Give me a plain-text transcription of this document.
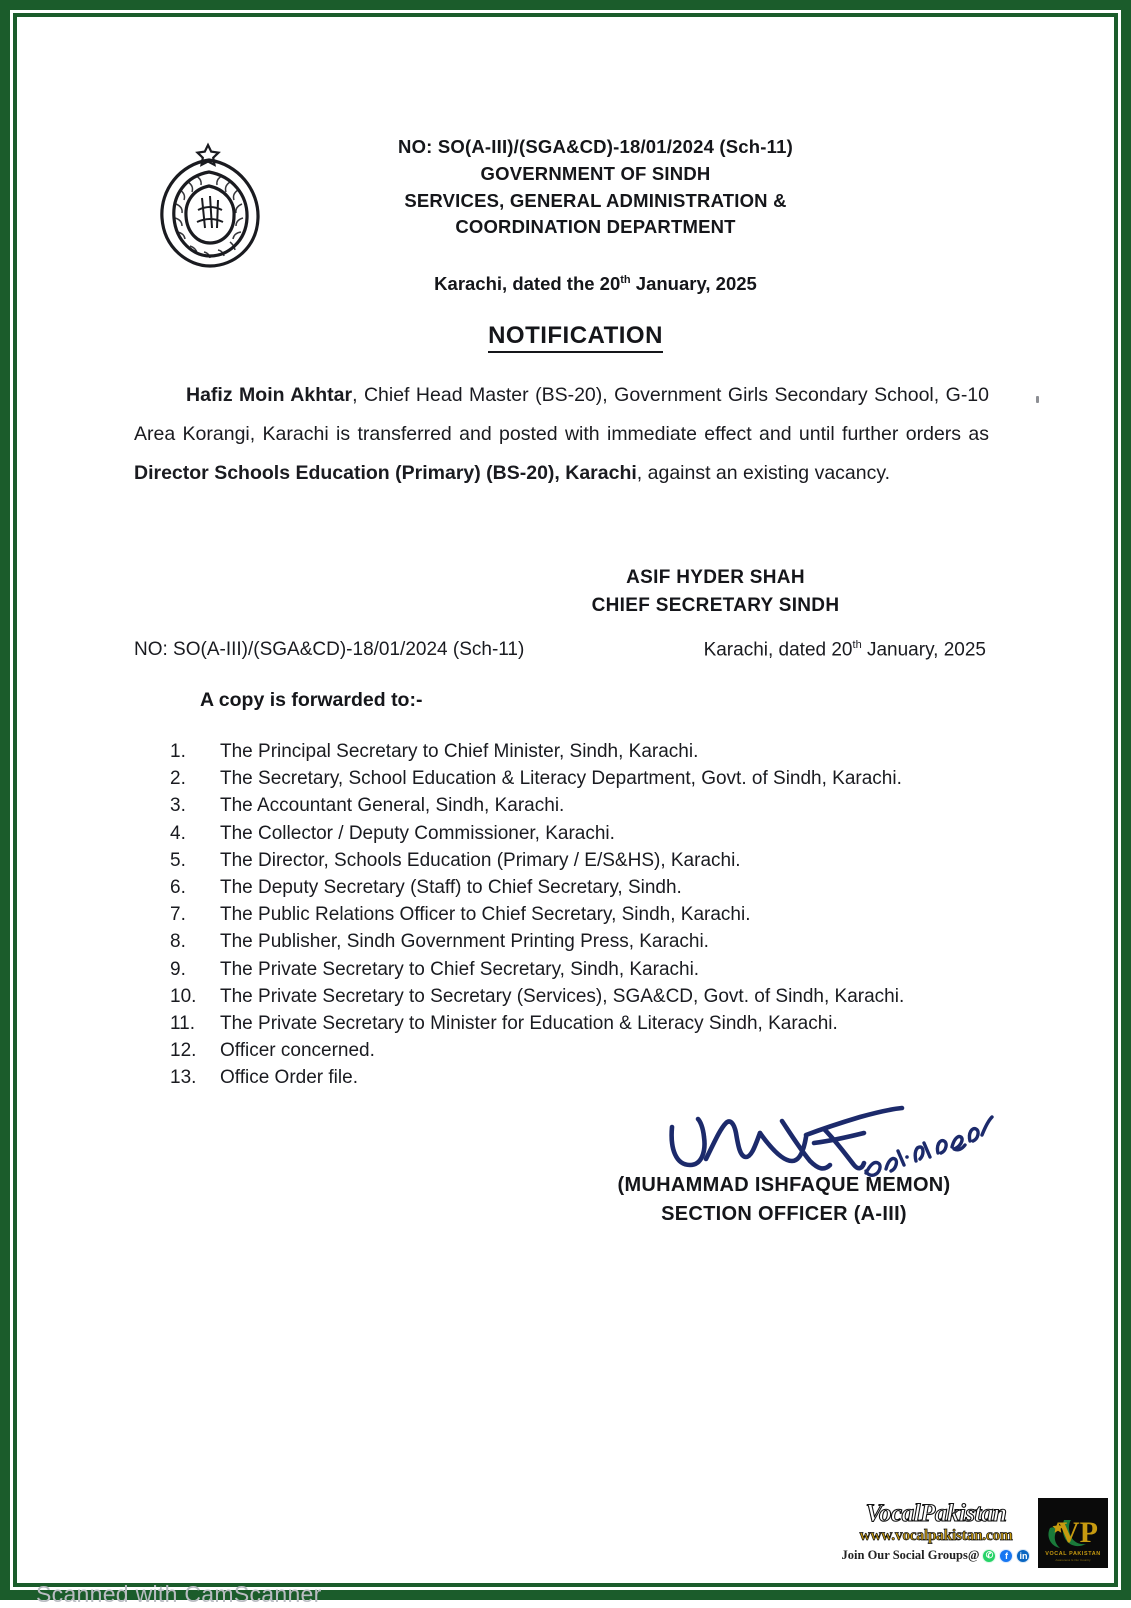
NO: SO(A-III)/(SGA&CD)-18/01/2024 (Sch-11)
GOVERNMENT OF SINDH
SERVICES, GENERAL ADMINISTRATION &
COORDINATION DEPARTMENT
Karachi, dated the 20th January, 2025
NOTIFICATION
Hafiz Moin Akhtar, Chief Head Master (BS-20), Government Girls Secondary School, G-10 Area Korangi, Karachi is transferred and posted with immediate effect and until further orders as Director Schools Education (Primary) (BS-20), Karachi, against an existing vacancy.
ASIF HYDER SHAH
CHIEF SECRETARY SINDH
NO: SO(A-III)/(SGA&CD)-18/01/2024 (Sch-11)	Karachi, dated 20th January, 2025
A copy is forwarded to:-
1.	The Principal Secretary to Chief Minister, Sindh, Karachi.
2.	The Secretary, School Education & Literacy Department, Govt. of Sindh, Karachi.
3.	The Accountant General, Sindh, Karachi.
4.	The Collector / Deputy Commissioner, Karachi.
5.	The Director, Schools Education (Primary / E/S&HS), Karachi.
6.	The Deputy Secretary (Staff) to Chief Secretary, Sindh.
7.	The Public Relations Officer to Chief Secretary, Sindh, Karachi.
8.	The Publisher, Sindh Government Printing Press, Karachi.
9.	The Private Secretary to Chief Secretary, Sindh, Karachi.
10.	The Private Secretary to Secretary (Services), SGA&CD, Govt. of Sindh, Karachi.
11.	The Private Secretary to Minister for Education & Literacy Sindh, Karachi.
12.	Officer concerned.
13.	Office Order file.
(MUHAMMAD ISHFAQUE MEMON)
SECTION OFFICER (A-III)
VocalPakistan
www.vocalpakistan.com
Join Our Social Groups@ ✆	f	in
VP
VOCAL PAKISTAN
Awareness Is Our Country
Scanned with CamScanner
